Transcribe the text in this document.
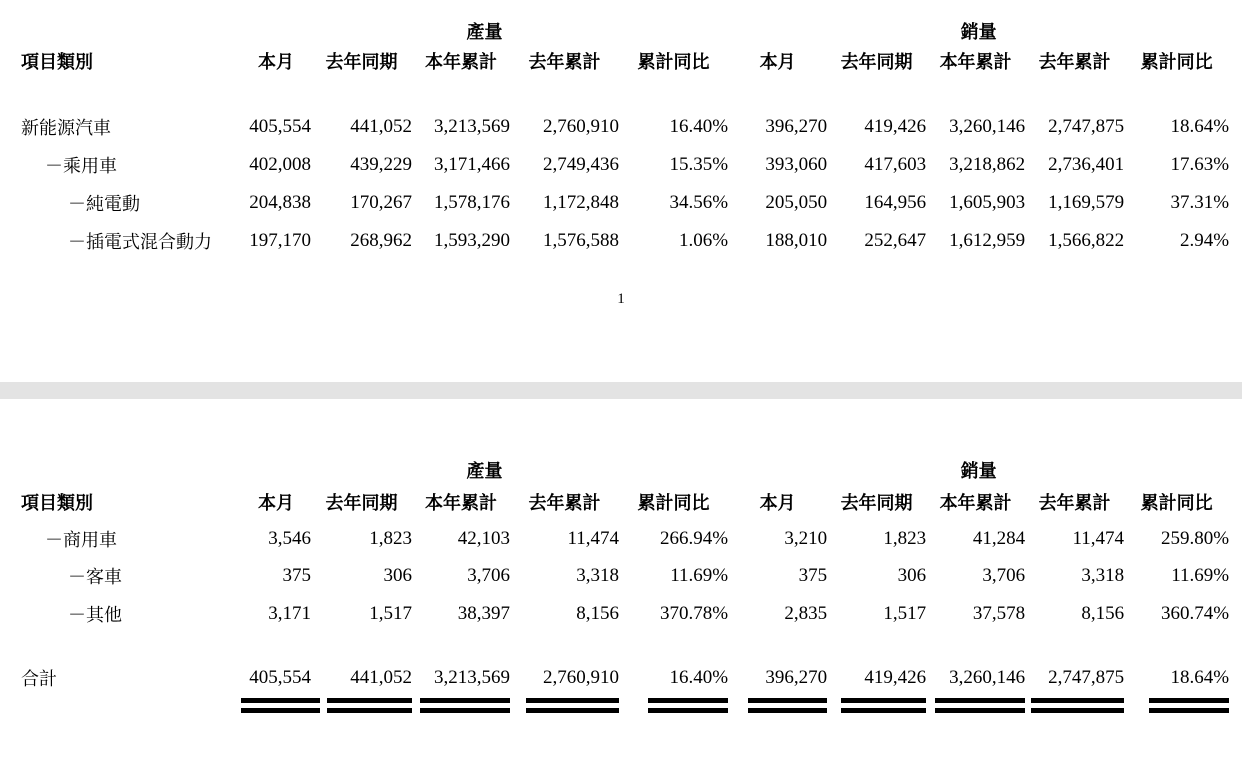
	產量					銷量					
項目類別	本月	去年同期	本年累計	去年累計	累計同比	本月	去年同期	本年累計	去年累計	累計同比	

新能源汽車	405,554	441,052	3,213,569	2,760,910	16.40%	396,270	419,426	3,260,146	2,747,875	18.64%	
－乘用車	402,008	439,229	3,171,466	2,749,436	15.35%	393,060	417,603	3,218,862	2,736,401	17.63%	
－純電動	204,838	170,267	1,578,176	1,172,848	34.56%	205,050	164,956	1,605,903	1,169,579	37.31%	
－插電式混合動力	197,170	268,962	1,593,290	1,576,588	1.06%	188,010	252,647	1,612,959	1,566,822	2.94%	
1
	產量					銷量					
項目類別	本月	去年同期	本年累計	去年累計	累計同比	本月	去年同期	本年累計	去年累計	累計同比	
－商用車	3,546	1,823	42,103	11,474	266.94%	3,210	1,823	41,284	11,474	259.80%	
－客車	375	306	3,706	3,318	11.69%	375	306	3,706	3,318	11.69%	
－其他	3,171	1,517	38,397	8,156	370.78%	2,835	1,517	37,578	8,156	360.74%	

合計	405,554	441,052	3,213,569	2,760,910	16.40%	396,270	419,426	3,260,146	2,747,875	18.64%	
